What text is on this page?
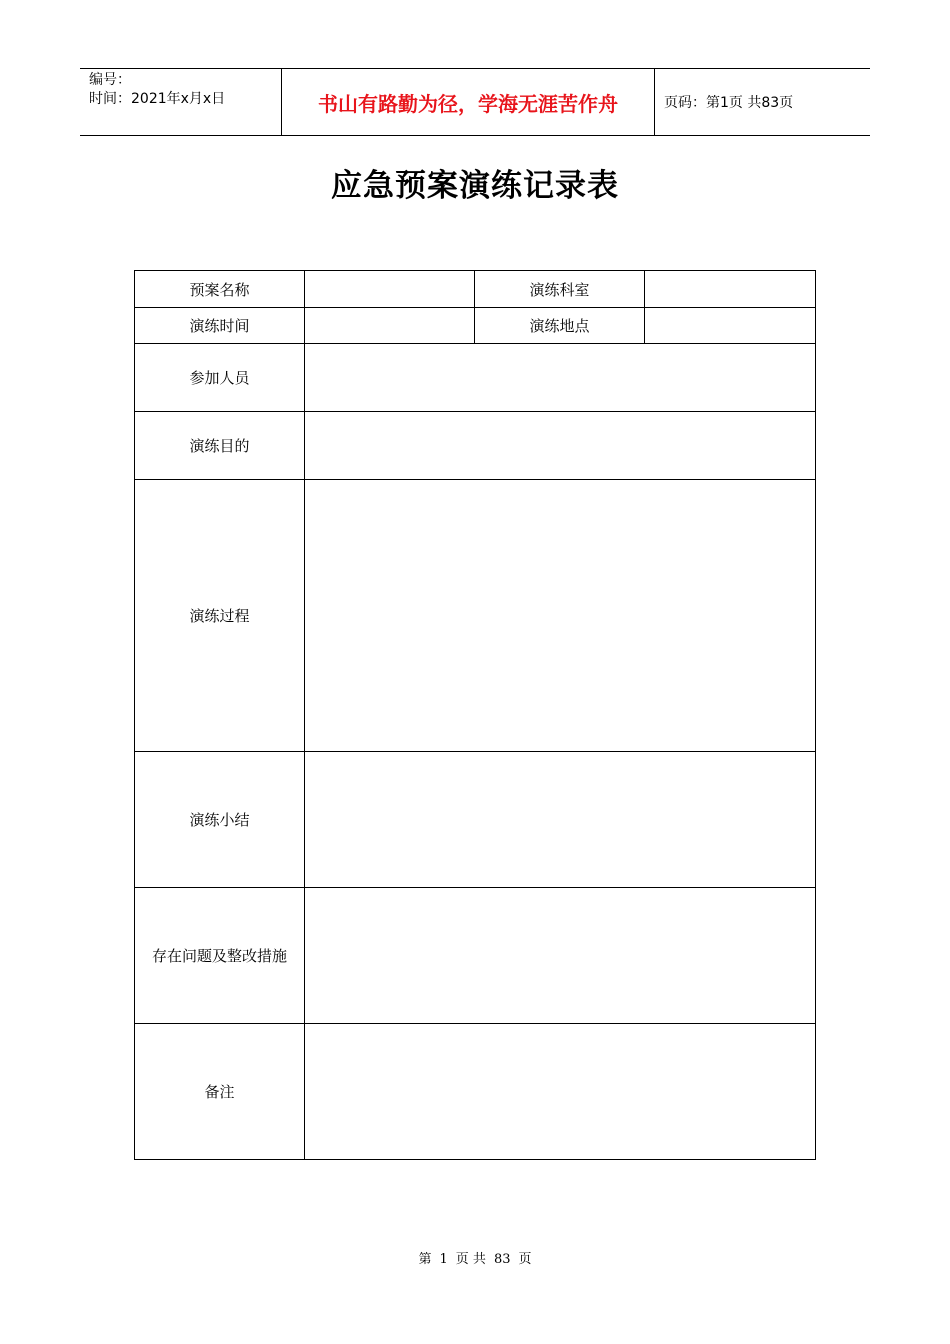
编号：
时间：2021年x月x日	书山有路勤为径，学海无涯苦作舟	页码：第1页 共83页
应急预案演练记录表
预案名称		演练科室	
演练时间		演练地点	
参加人员			
演练目的			
演练过程			
演练小结			
存在问题及整改措施			
备注			
第 1 页 共 83 页
